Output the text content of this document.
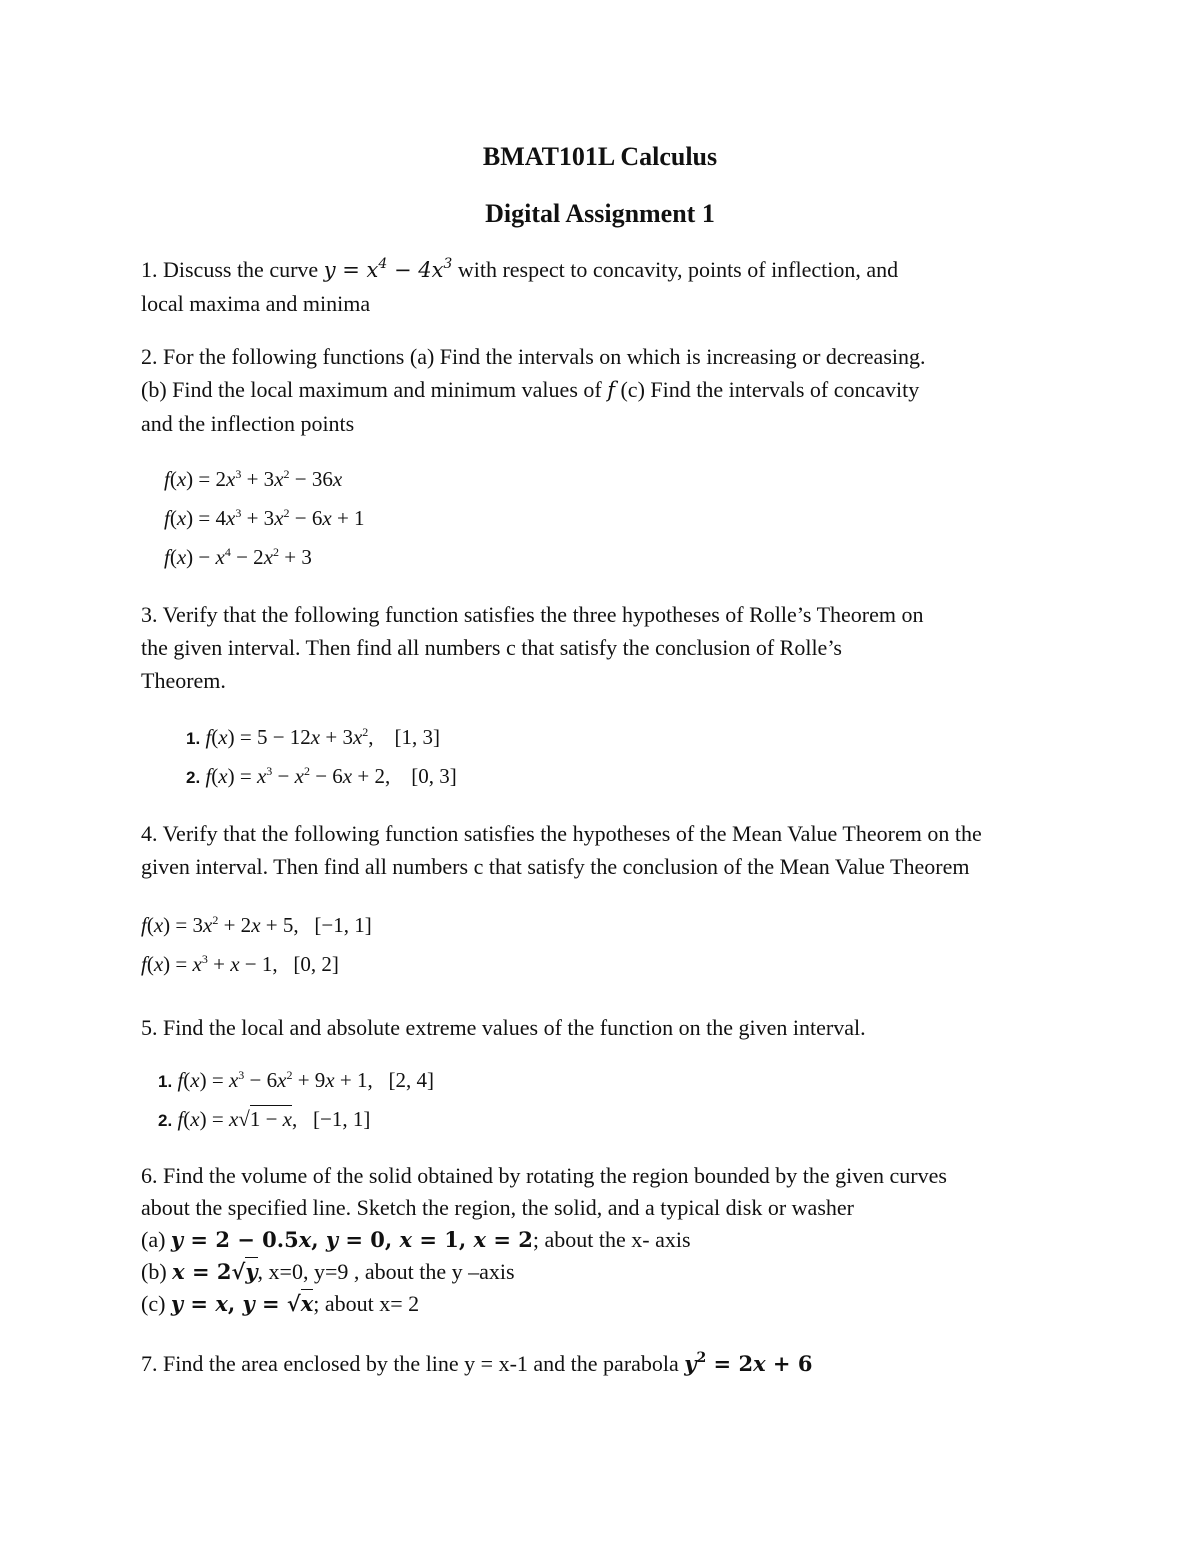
BMAT101L Calculus
Digital Assignment 1

1. Discuss the curve $y = x^4 - 4x^3$ with respect to concavity, points of inflection, and
local maxima and minima

2. For the following functions (a) Find the intervals on which is increasing or decreasing.
(b) Find the local maximum and minimum values of f (c) Find the intervals of concavity
and the inflection points

$f(x) = 2x^3 + 3x^2 - 36x$
$f(x) = 4x^3 + 3x^2 - 6x + 1$
$f(x) - x^4 - 2x^2 + 3$

3. Verify that the following function satisfies the three hypotheses of Rolle’s Theorem on
the given interval. Then find all numbers c that satisfy the conclusion of Rolle’s
Theorem.

1. $f(x) = 5 - 12x + 3x^2$,    [1, 3]
2. $f(x) = x^3 - x^2 - 6x + 2$,    [0, 3]

4. Verify that the following function satisfies the hypotheses of the Mean Value Theorem on the
given interval. Then find all numbers c that satisfy the conclusion of the Mean Value Theorem

$f(x) = 3x^2 + 2x + 5$,   [−1, 1]
$f(x) = x^3 + x - 1$,   [0, 2]

5. Find the local and absolute extreme values of the function on the given interval.

1. $f(x) = x^3 - 6x^2 + 9x + 1$,   [2, 4]
2. f(x) = x√1 − x,   [−1, 1]

6. Find the volume of the solid obtained by rotating the region bounded by the given curves
about the specified line. Sketch the region, the solid, and a typical disk or washer
(a) y = 2 − 0.5x, y = 0, x = 1, x = 2; about the x- axis
(b) x = 2√y, x=0, y=9 , about the y –axis
(c) y = x, y = √x; about x= 2

7. Find the area enclosed by the line y = x-1 and the parabola $y^2 = 2x + 6$
